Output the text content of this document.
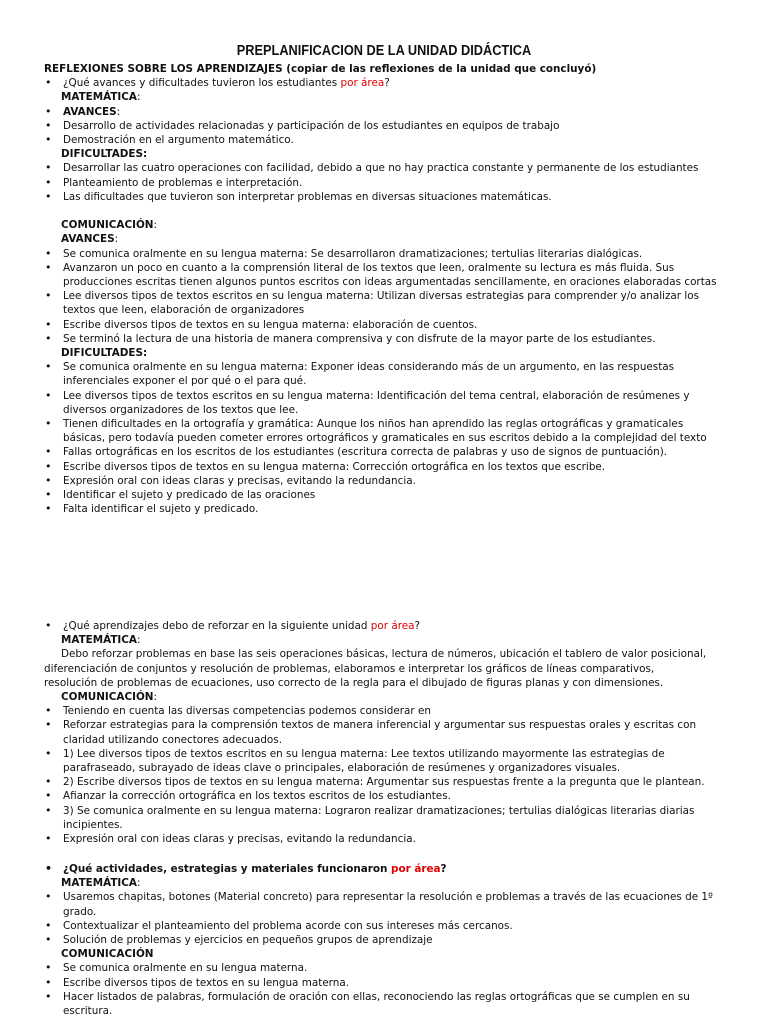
PREPLANIFICACION DE LA UNIDAD DIDÁCTICA

REFLEXIONES SOBRE LOS APRENDIZAJES (copiar de las reflexiones de la unidad que concluyó)

• ¿Qué avances y dificultades tuvieron los estudiantes por área?

MATEMÁTICA:

• AVANCES:

• Desarrollo de actividades relacionadas y participación de los estudiantes en equipos de trabajo

• Demostración en el argumento matemático.

DIFICULTADES:

• Desarrollar las cuatro operaciones con facilidad, debido a que no hay practica constante y permanente de los estudiantes

• Planteamiento de problemas e interpretación.

• Las dificultades que tuvieron son interpretar problemas en diversas situaciones matemáticas.

COMUNICACIÓN:

AVANCES:

• Se comunica oralmente en su lengua materna: Se desarrollaron dramatizaciones; tertulias literarias dialógicas.

• Avanzaron un poco en cuanto a la comprensión literal de los textos que leen, oralmente su lectura es más fluida. Sus

producciones escritas tienen algunos puntos escritos con ideas argumentadas sencillamente, en oraciones elaboradas cortas

• Lee diversos tipos de textos escritos en su lengua materna: Utilizan diversas estrategias para comprender y/o analizar los

textos que leen, elaboración de organizadores

• Escribe diversos tipos de textos en su lengua materna: elaboración de cuentos.

• Se terminó la lectura de una historia de manera comprensiva y con disfrute de la mayor parte de los estudiantes.

DIFICULTADES:

• Se comunica oralmente en su lengua materna: Exponer ideas considerando más de un argumento, en las respuestas

inferenciales exponer el por qué o el para qué.

• Lee diversos tipos de textos escritos en su lengua materna: Identificación del tema central, elaboración de resúmenes y

diversos organizadores de los textos que lee.

• Tienen dificultades en la ortografía y gramática: Aunque los niños han aprendido las reglas ortográficas y gramaticales

básicas, pero todavía pueden cometer errores ortográficos y gramaticales en sus escritos debido a la complejidad del texto

• Fallas ortográficas en los escritos de los estudiantes (escritura correcta de palabras y uso de signos de puntuación).

• Escribe diversos tipos de textos en su lengua materna: Corrección ortográfica en los textos que escribe.

• Expresión oral con ideas claras y precisas, evitando la redundancia.

• Identificar el sujeto y predicado de las oraciones

• Falta identificar el sujeto y predicado.

• ¿Qué aprendizajes debo de reforzar en la siguiente unidad por área?

MATEMÁTICA:

Debo reforzar problemas en base las seis operaciones básicas, lectura de números, ubicación el tablero de valor posicional,

diferenciación de conjuntos y resolución de problemas, elaboramos e interpretar los gráficos de líneas comparativos,

resolución de problemas de ecuaciones, uso correcto de la regla para el dibujado de figuras planas y con dimensiones.

COMUNICACIÓN:

• Teniendo en cuenta las diversas competencias podemos considerar en

• Reforzar estrategias para la comprensión textos de manera inferencial y argumentar sus respuestas orales y escritas con

claridad utilizando conectores adecuados.

• 1) Lee diversos tipos de textos escritos en su lengua materna: Lee textos utilizando mayormente las estrategias de

parafraseado, subrayado de ideas clave o principales, elaboración de resúmenes y organizadores visuales.

• 2) Escribe diversos tipos de textos en su lengua materna: Argumentar sus respuestas frente a la pregunta que le plantean.

• Afianzar la corrección ortográfica en los textos escritos de los estudiantes.

• 3) Se comunica oralmente en su lengua materna: Lograron realizar dramatizaciones; tertulias dialógicas literarias diarias

incipientes.

• Expresión oral con ideas claras y precisas, evitando la redundancia.

• ¿Qué actividades, estrategias y materiales funcionaron por área?

MATEMÁTICA:

• Usaremos chapitas, botones (Material concreto) para representar la resolución e problemas a través de las ecuaciones de 1º

grado.

• Contextualizar el planteamiento del problema acorde con sus intereses más cercanos.

• Solución de problemas y ejercicios en pequeños grupos de aprendizaje

COMUNICACIÓN

• Se comunica oralmente en su lengua materna.

• Escribe diversos tipos de textos en su lengua materna.

• Hacer listados de palabras, formulación de oración con ellas, reconociendo las reglas ortográficas que se cumplen en su

escritura.
